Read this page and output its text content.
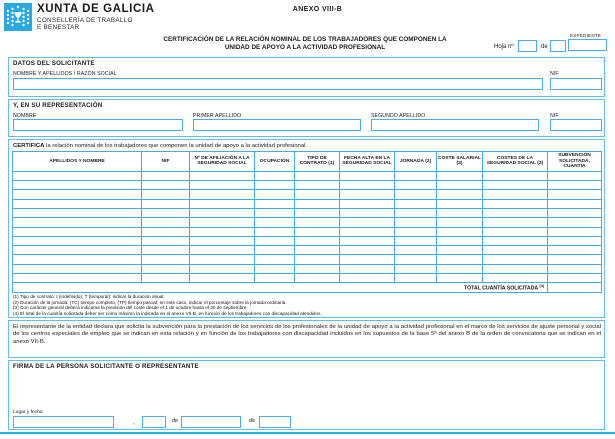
XUNTA DE GALICIA
CONSELLERÍA DE TRABALLO
E BENESTAR
ANEXO VIII-B
CERTIFICACIÓN DE LA RELACIÓN NOMINAL DE LOS TRABAJADORES QUE COMPONEN LA
UNIDAD DE APOYO A LA ACTIVIDAD PROFESIONAL	Hoja nº	de
EXPEDIENTE
DATOS DEL SOLICITANTE
NOMBRE Y APELLIDOS / RAZÓN SOCIAL	NIF
Y, EN SU REPRESENTACIÓN
NOMBRE	PRIMER APELLIDO	SEGUNDO APELLIDO	NIF
CERTIFICA la relación nominal de los trabajadores que componen la unidad de apoyo a la actividad profesional.
APELLIDOS Y NOMBRE	NIF	Nº DE AFILIACIÓN A LA SEGURIDAD SOCIAL	OCUPACIÓN	TIPO DE CONTRATO (1)	FECHA ALTA EN LA SEGURIDAD SOCIAL	JORNADA (2)	COSTE SALARIAL (3)	COSTES DE LA SEGURIDAD SOCIAL (3)	SUBVENCIÓN SOLICITADA, CUANTÍA

TOTAL CUANTÍA SOLICITADA $^{(4)}$	
(1) Tipo de contrato: I (indefinido), T (temporal): indicar la duración anual.
(2) Duración de la jornada: (TC) tiempo completo, (TP) tiempo parcial; en este caso, indicar el porcentaje sobre la jornada ordinaria.
(3) Con carácter general deberá indicarse la previsión del coste desde el 1 de octubre hasta el 30 de septiembre.
(4) El total de la cuantía solicitada deber ser como máximo la indicada en el anexo VII-B, en función de los trabajadores con discapacidad atendidos.
El representante de la entidad declara que solicita la subvención para la prestación de los servicios de los profesionales de la unidad de apoyo a la actividad profesional en el marco de los servicios de ajuste personal y social de los centros especiales de empleo que se indican en esta relación y en función de los trabajadores con discapacidad incluidos en los supuestos de la base 5ª del anexo B de la orden de convocatoria que se indican en el anexo VII-B.
FIRMA DE LA PERSONA SOLICITANTE O REPRESENTANTE
Lugar y fecha
,	de	de
